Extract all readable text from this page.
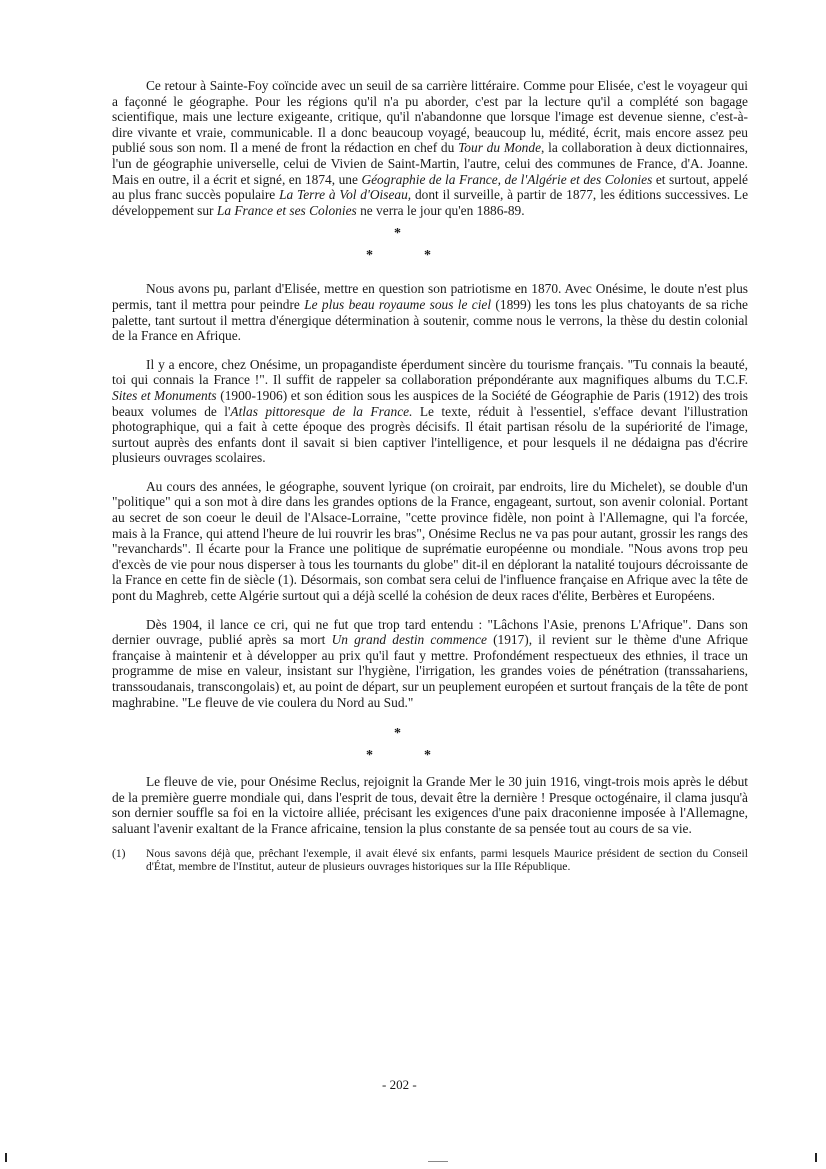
Ce retour à Sainte-Foy coïncide avec un seuil de sa carrière littéraire. Comme pour Elisée, c'est le voyageur qui a façonné le géographe. Pour les régions qu'il n'a pu aborder, c'est par la lecture qu'il a complété son bagage scientifique, mais une lecture exigeante, critique, qu'il n'abandonne que lorsque l'image est devenue sienne, c'est-à-dire vivante et vraie, communicable. Il a donc beaucoup voyagé, beaucoup lu, médité, écrit, mais encore assez peu publié sous son nom. Il a mené de front la rédaction en chef du Tour du Monde, la collaboration à deux dictionnaires, l'un de géographie universelle, celui de Vivien de Saint-Martin, l'autre, celui des communes de France, d'A. Joanne. Mais en outre, il a écrit et signé, en 1874, une Géographie de la France, de l'Algérie et des Colonies et surtout, appelé au plus franc succès populaire La Terre à Vol d'Oiseau, dont il surveille, à partir de 1877, les éditions successives. Le développement sur La France et ses Colonies ne verra le jour qu'en 1886-89.

*
*	*

Nous avons pu, parlant d'Elisée, mettre en question son patriotisme en 1870. Avec Onésime, le doute n'est plus permis, tant il mettra pour peindre Le plus beau royaume sous le ciel (1899) les tons les plus chatoyants de sa riche palette, tant surtout il mettra d'énergique détermination à soutenir, comme nous le verrons, la thèse du destin colonial de la France en Afrique.

Il y a encore, chez Onésime, un propagandiste éperdument sincère du tourisme français. "Tu connais la beauté, toi qui connais la France !". Il suffit de rappeler sa collaboration prépondérante aux magnifiques albums du T.C.F. Sites et Monuments (1900-1906) et son édition sous les auspices de la Société de Géographie de Paris (1912) des trois beaux volumes de l'Atlas pittoresque de la France. Le texte, réduit à l'essentiel, s'efface devant l'illustration photographique, qui a fait à cette époque des progrès décisifs. Il était partisan résolu de la supériorité de l'image, surtout auprès des enfants dont il savait si bien captiver l'intelligence, et pour lesquels il ne dédaigna pas d'écrire plusieurs ouvrages scolaires.

Au cours des années, le géographe, souvent lyrique (on croirait, par endroits, lire du Michelet), se double d'un "politique" qui a son mot à dire dans les grandes options de la France, engageant, surtout, son avenir colonial. Portant au secret de son coeur le deuil de l'Alsace-Lorraine, "cette province fidèle, non point à l'Allemagne, qui l'a forcée, mais à la France, qui attend l'heure de lui rouvrir les bras", Onésime Reclus ne va pas pour autant, grossir les rangs des "revanchards". Il écarte pour la France une politique de suprématie européenne ou mondiale. "Nous avons trop peu d'excès de vie pour nous disperser à tous les tournants du globe" dit-il en déplorant la natalité toujours décroissante de la France en cette fin de siècle (1). Désormais, son combat sera celui de l'influence française en Afrique avec la tête de pont du Maghreb, cette Algérie surtout qui a déjà scellé la cohésion de deux races d'élite, Berbères et Européens.

Dès 1904, il lance ce cri, qui ne fut que trop tard entendu : "Lâchons l'Asie, prenons L'Afrique". Dans son dernier ouvrage, publié après sa mort Un grand destin commence (1917), il revient sur le thème d'une Afrique française à maintenir et à développer au prix qu'il faut y mettre. Profondément respectueux des ethnies, il trace un programme de mise en valeur, insistant sur l'hygiène, l'irrigation, les grandes voies de pénétration (transsahariens, transsoudanais, transcongolais) et, au point de départ, sur un peuplement européen et surtout français de la tête de pont maghrabine. "Le fleuve de vie coulera du Nord au Sud."

*
*	*

Le fleuve de vie, pour Onésime Reclus, rejoignit la Grande Mer le 30 juin 1916, vingt-trois mois après le début de la première guerre mondiale qui, dans l'esprit de tous, devait être la dernière ! Presque octogénaire, il clama jusqu'à son dernier souffle sa foi en la victoire alliée, précisant les exigences d'une paix draconienne imposée à l'Allemagne, saluant l'avenir exaltant de la France africaine, tension la plus constante de sa pensée tout au cours de sa vie.

(1)	Nous savons déjà que, prêchant l'exemple, il avait élevé six enfants, parmi lesquels Maurice président de section du Conseil d'État, membre de l'Institut, auteur de plusieurs ouvrages historiques sur la IIIe République.
- 202 -
